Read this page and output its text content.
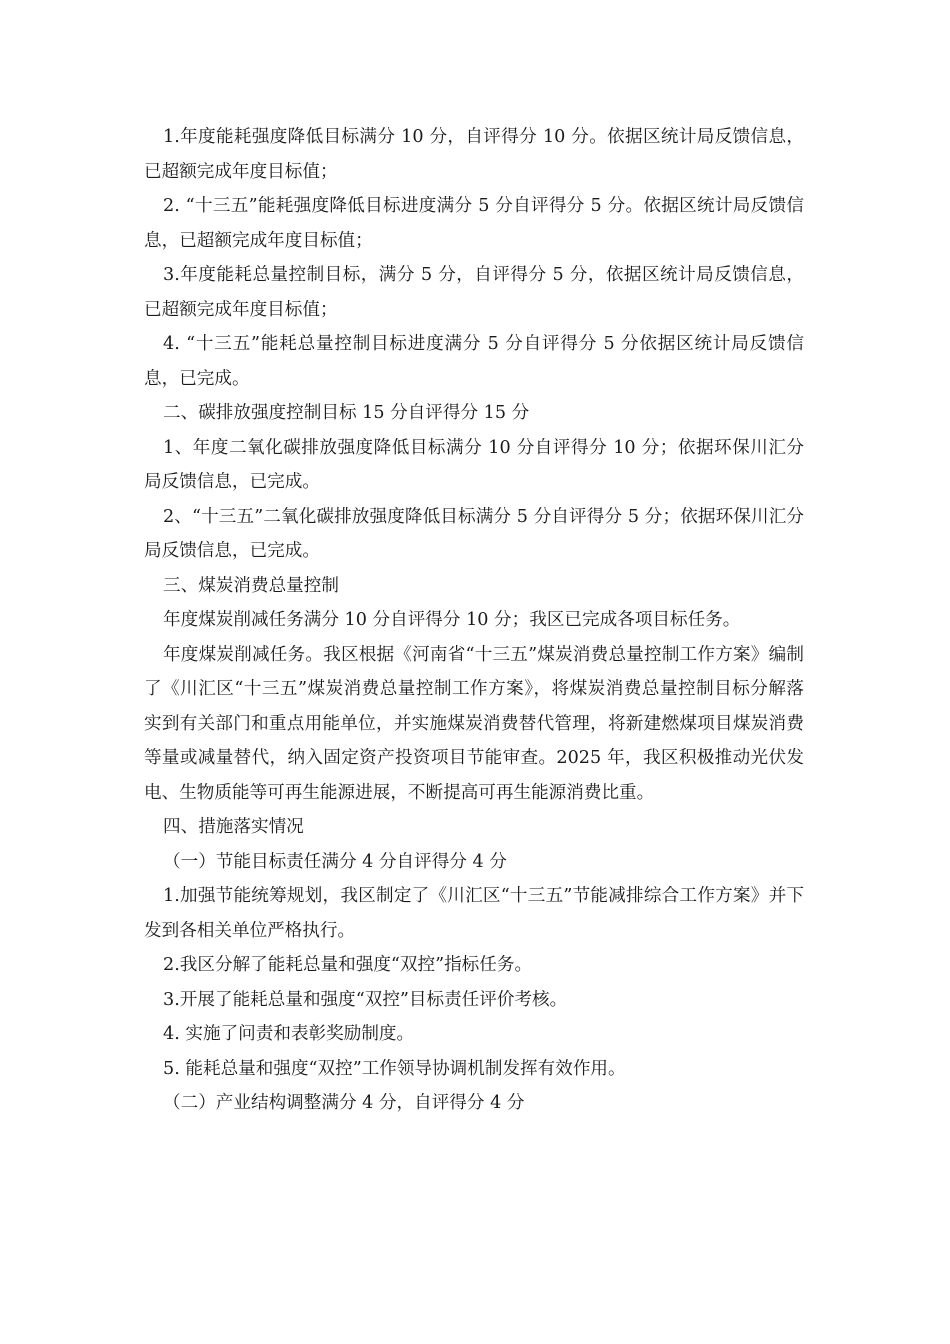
1.年度能耗强度降低目标满分 10 分，自评得分 10 分。依据区统计局反馈信息，已超额完成年度目标值；

2. “十三五”能耗强度降低目标进度满分 5 分自评得分 5 分。依据区统计局反馈信息，已超额完成年度目标值；

3.年度能耗总量控制目标，满分 5 分，自评得分 5 分，依据区统计局反馈信息，已超额完成年度目标值；

4. “十三五”能耗总量控制目标进度满分 5 分自评得分 5 分依据区统计局反馈信息，已完成。

二、碳排放强度控制目标 15 分自评得分 15 分

1、年度二氧化碳排放强度降低目标满分 10 分自评得分 10 分；依据环保川汇分局反馈信息，已完成。

2、“十三五”二氧化碳排放强度降低目标满分 5 分自评得分 5 分；依据环保川汇分局反馈信息，已完成。

三、煤炭消费总量控制

年度煤炭削减任务满分 10 分自评得分 10 分；我区已完成各项目标任务。

年度煤炭削减任务。我区根据《河南省“十三五”煤炭消费总量控制工作方案》编制了《川汇区“十三五”煤炭消费总量控制工作方案》，将煤炭消费总量控制目标分解落实到有关部门和重点用能单位，并实施煤炭消费替代管理，将新建燃煤项目煤炭消费等量或减量替代，纳入固定资产投资项目节能审查。2025 年，我区积极推动光伏发电、生物质能等可再生能源进展，不断提高可再生能源消费比重。

四、措施落实情况

（一）节能目标责任满分 4 分自评得分 4 分

1.加强节能统筹规划，我区制定了《川汇区“十三五”节能减排综合工作方案》并下发到各相关单位严格执行。

2.我区分解了能耗总量和强度“双控”指标任务。

3.开展了能耗总量和强度“双控”目标责任评价考核。

4. 实施了问责和表彰奖励制度。

5. 能耗总量和强度“双控”工作领导协调机制发挥有效作用。

（二）产业结构调整满分 4 分，自评得分 4 分
